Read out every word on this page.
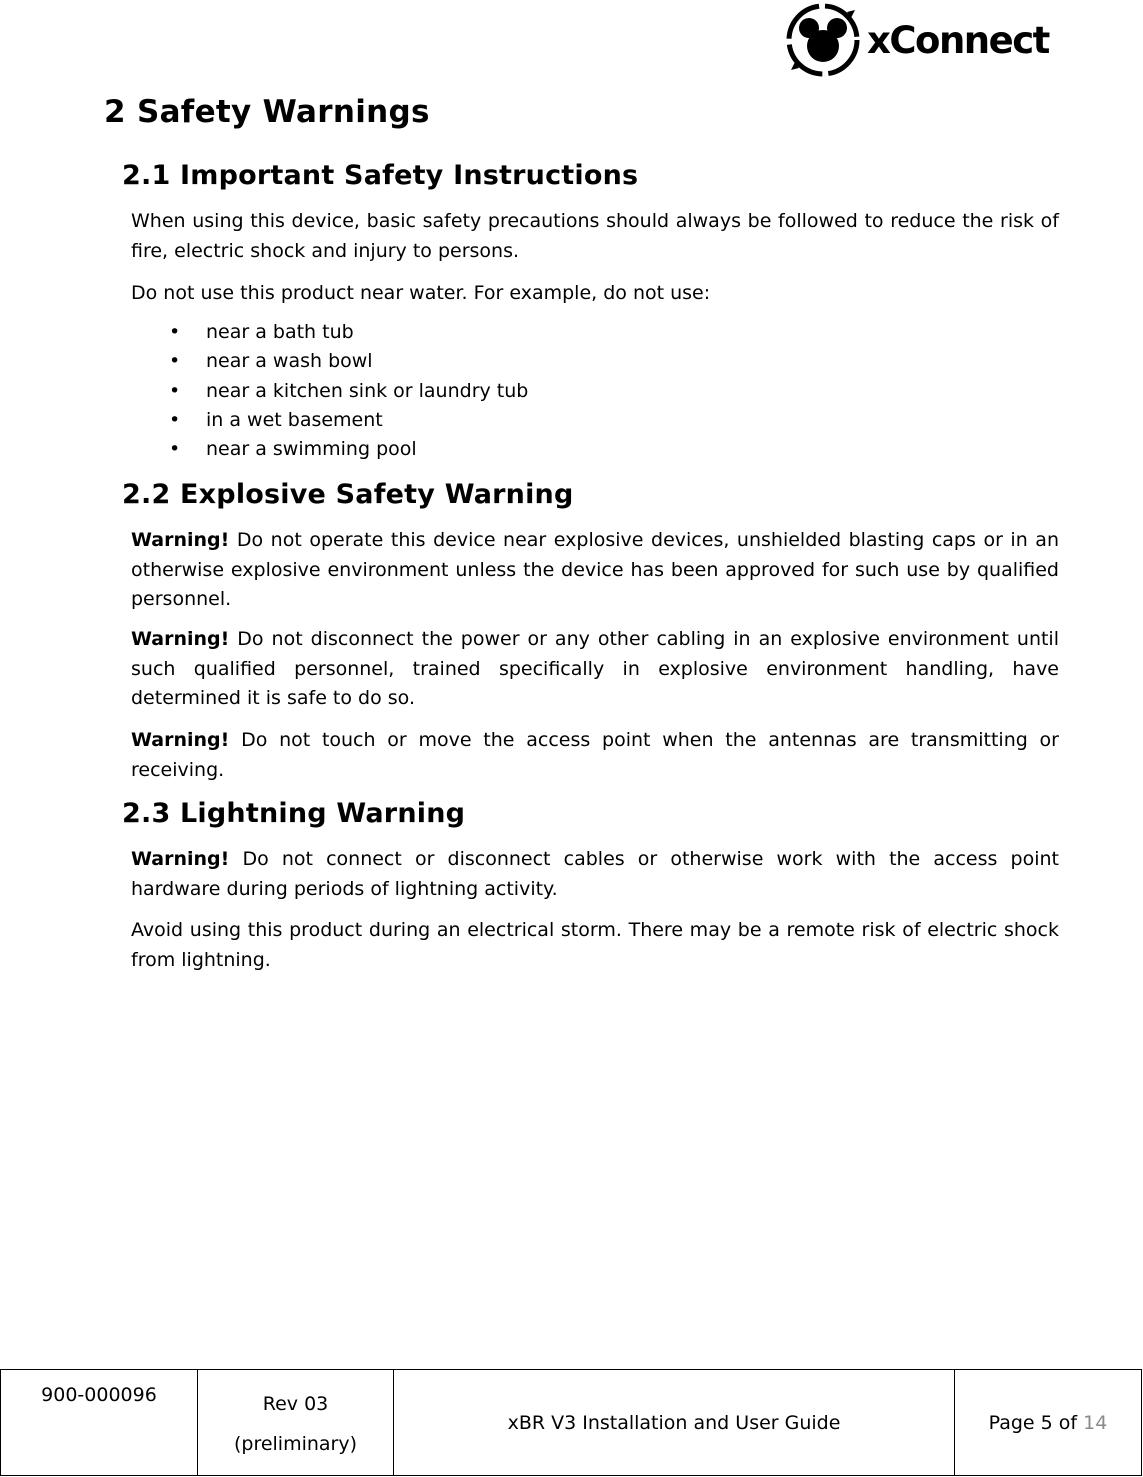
xConnect
2 Safety Warnings
2.1 Important Safety Instructions

When using this device, basic safety precautions should always be followed to reduce the risk of fire, electric shock and injury to persons.

Do not use this product near water. For example, do not use:

• near a bath tub
• near a wash bowl
• near a kitchen sink or laundry tub
• in a wet basement
• near a swimming pool
2.2 Explosive Safety Warning

Warning! Do not operate this device near explosive devices, unshielded blasting caps or in an otherwise explosive environment unless the device has been approved for such use by qualified personnel.

Warning! Do not disconnect the power or any other cabling in an explosive environment until such qualified personnel, trained specifically in explosive environment handling, have determined it is safe to do so.

Warning! Do not touch or move the access point when the antennas are transmitting or receiving.

2.3 Lightning Warning

Warning! Do not connect or disconnect cables or otherwise work with the access point hardware during periods of lightning activity.

Avoid using this product during an electrical storm. There may be a remote risk of electric shock from lightning.

900-000096	Rev 03
(preliminary)
	xBR V3 Installation and User Guide	Page 5 of 14
